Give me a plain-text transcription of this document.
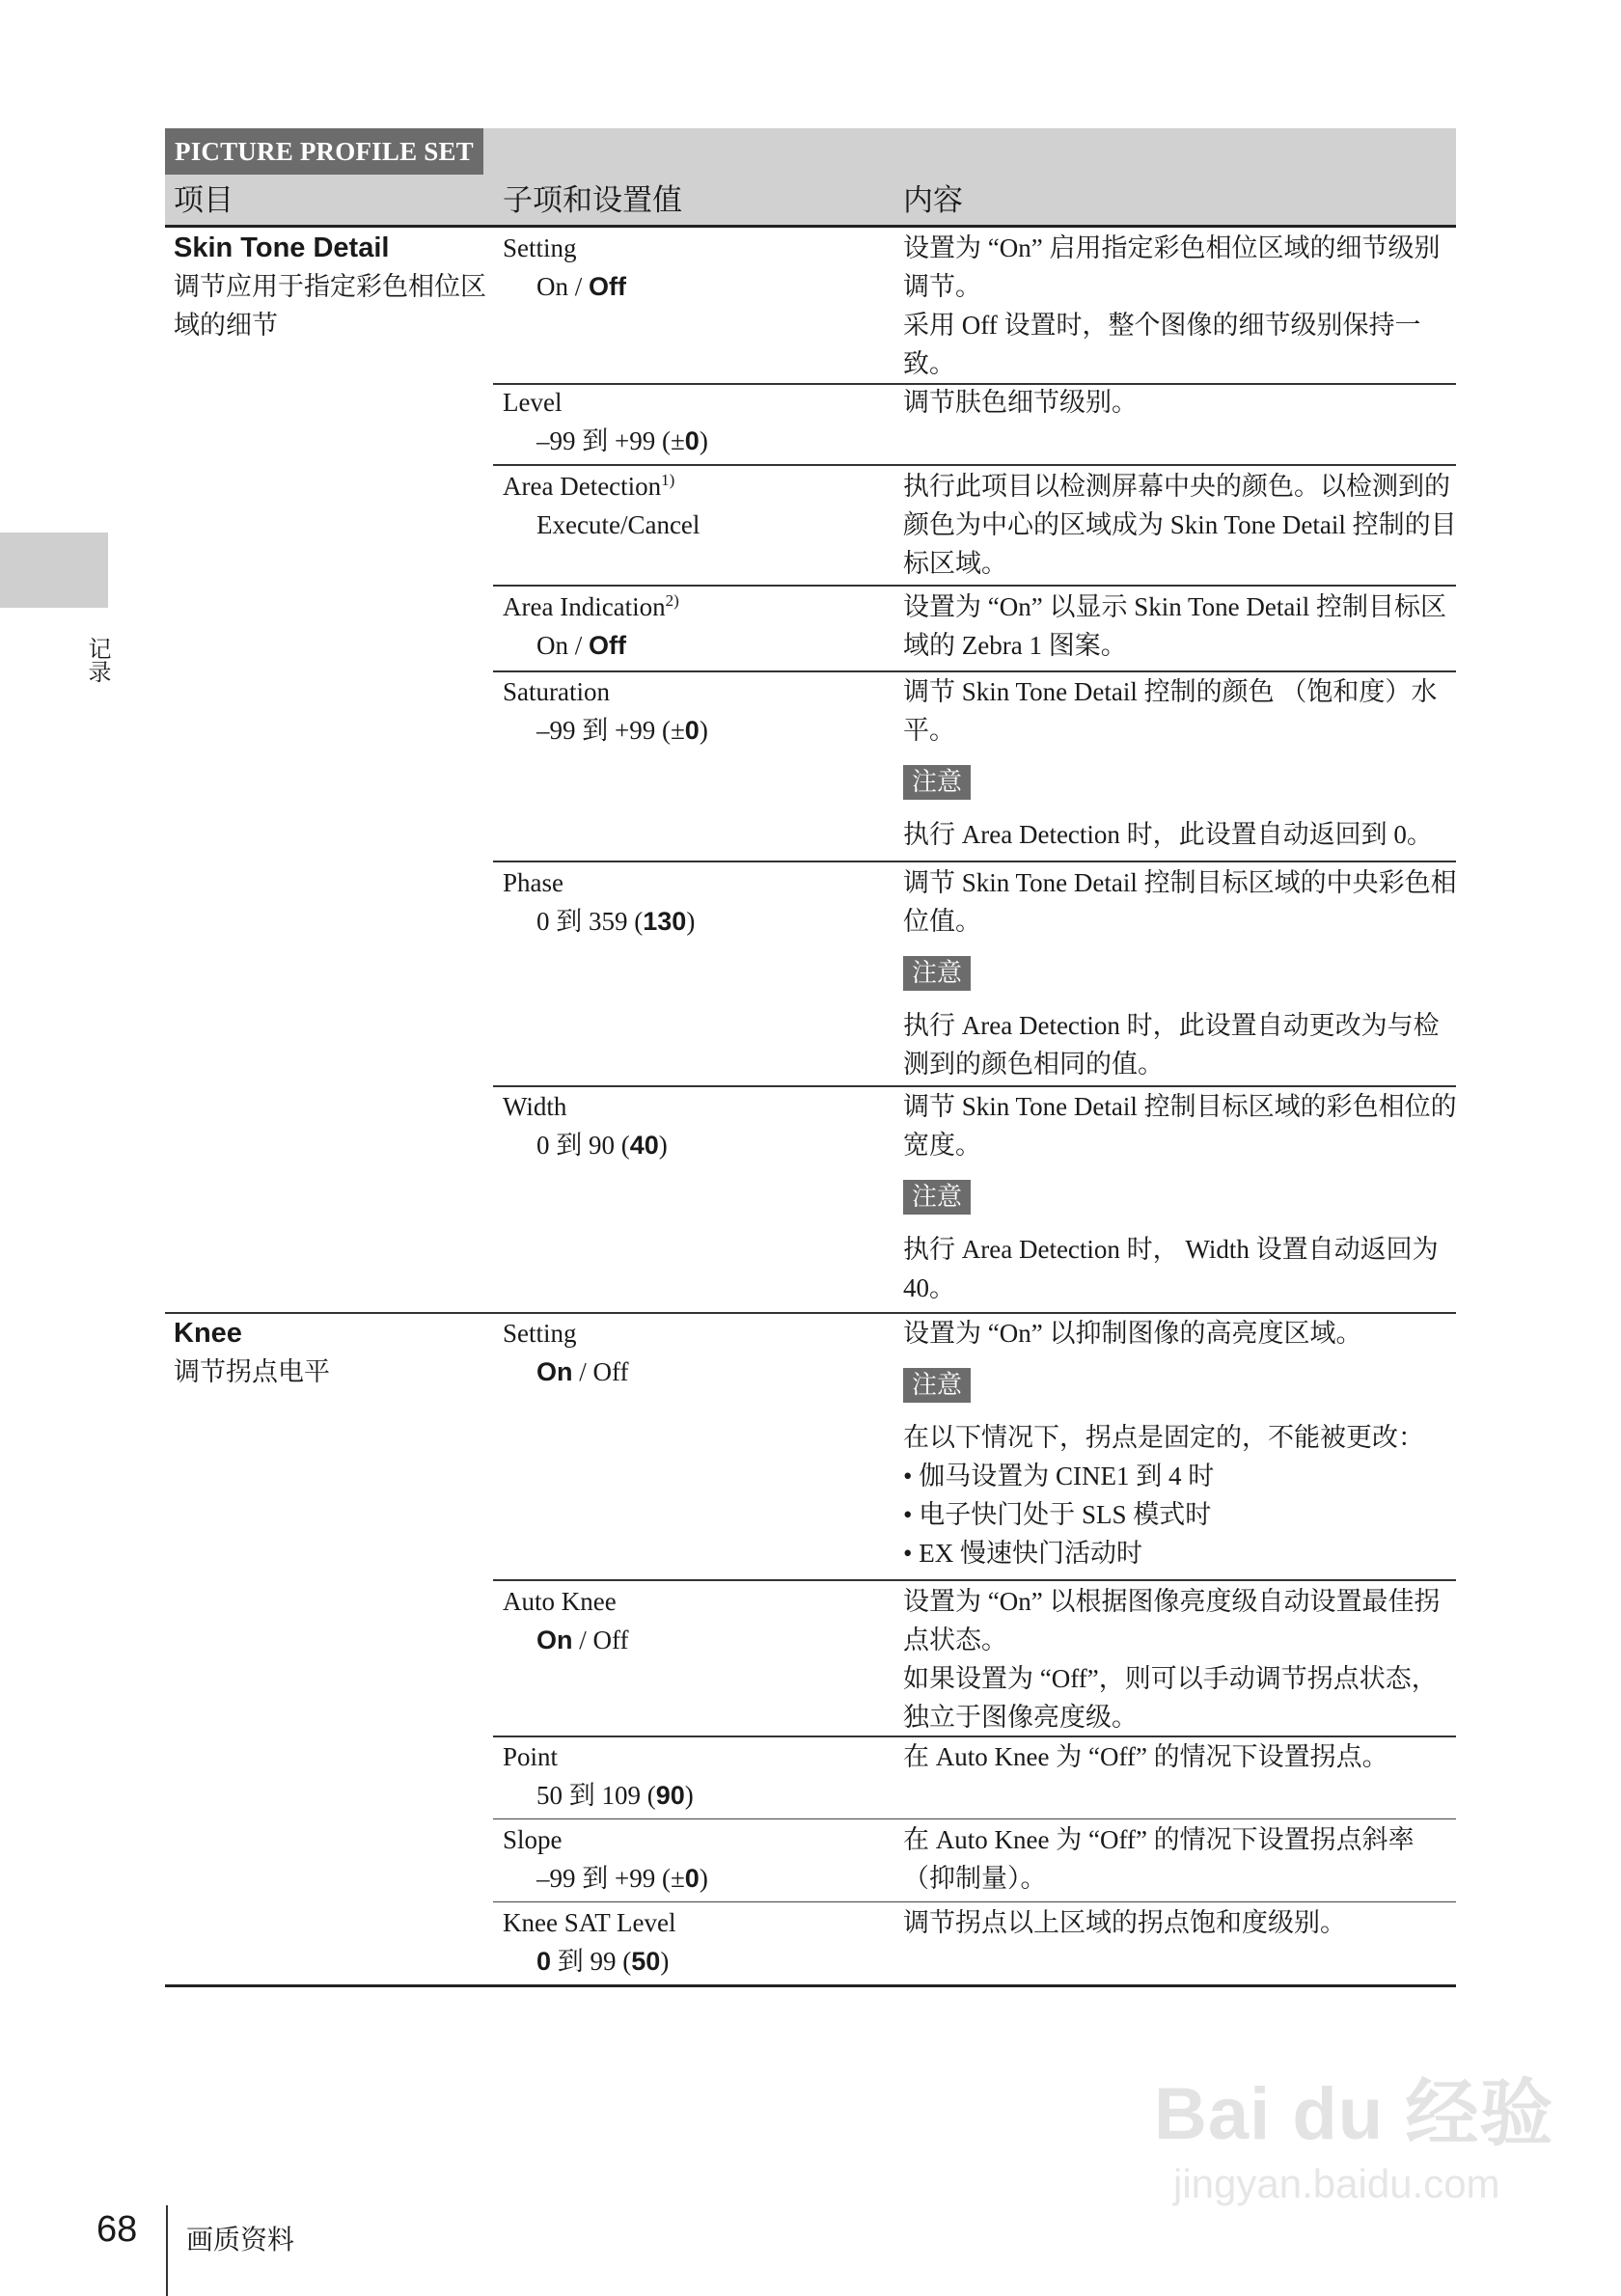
PICTURE PROFILE SET
项目	子项和设置值	内容
Skin Tone Detail
调节应用于指定彩色相位区域的细节
Setting
On / Off

设置为 “On” 启用指定彩色相位区域的细节级别调节。

采用 Off 设置时，整个图像的细节级别保持一致。

Level
–99 到 +99 (±0)

调节肤色细节级别。

Area Detection$^{1)}$
Execute/Cancel

执行此项目以检测屏幕中央的颜色。以检测到的颜色为中心的区域成为 Skin Tone Detail 控制的目标区域。

Area Indication$^{2)}$
On / Off

设置为 “On” 以显示 Skin Tone Detail 控制目标区域的 Zebra 1 图案。

Saturation
–99 到 +99 (±0)

调节 Skin Tone Detail 控制的颜色 （饱和度）水平。

注意

执行 Area Detection 时，此设置自动返回到 0。

Phase
0 到 359 (130)

调节 Skin Tone Detail 控制目标区域的中央彩色相位值。

注意

执行 Area Detection 时，此设置自动更改为与检测到的颜色相同的值。

Width
0 到 90 (40)

调节 Skin Tone Detail 控制目标区域的彩色相位的宽度。

注意

执行 Area Detection 时， Width 设置自动返回为 40。

Knee
调节拐点电平
Setting
On / Off

设置为 “On” 以抑制图像的高亮度区域。

注意

在以下情况下，拐点是固定的，不能被更改：

• 伽马设置为 CINE1 到 4 时

• 电子快门处于 SLS 模式时

• EX 慢速快门活动时

Auto Knee
On / Off

设置为 “On” 以根据图像亮度级自动设置最佳拐点状态。

如果设置为 “Off”，则可以手动调节拐点状态，独立于图像亮度级。

Point
50 到 109 (90)

在 Auto Knee 为 “Off” 的情况下设置拐点。

Slope
–99 到 +99 (±0)

在 Auto Knee 为 “Off” 的情况下设置拐点斜率（抑制量）。

Knee SAT Level
0 到 99 (50)

调节拐点以上区域的拐点饱和度级别。

记录
68 画质资料
Bai du 经验
jingyan.baidu.com
